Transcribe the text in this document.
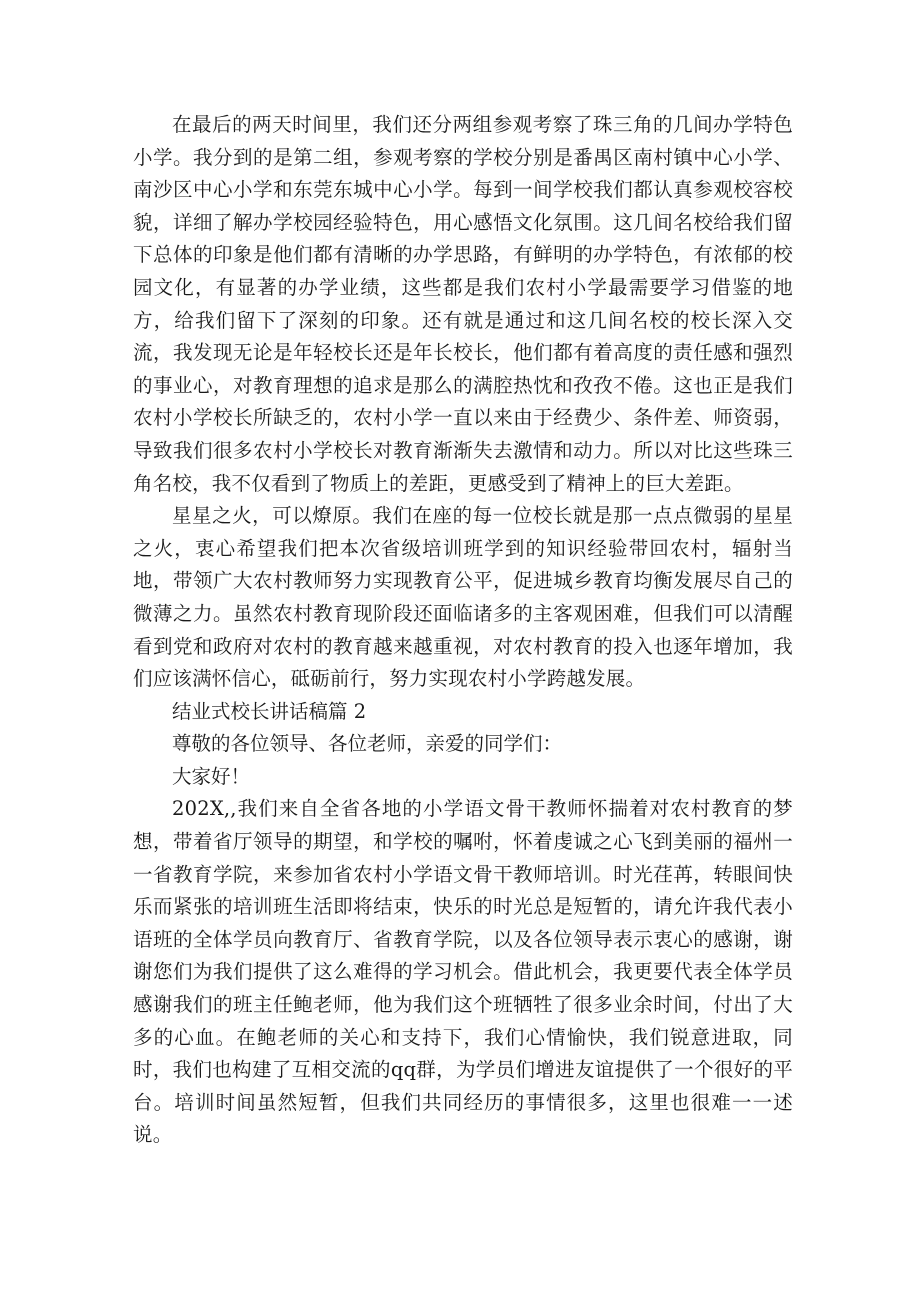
在最后的两天时间里，我们还分两组参观考察了珠三角的几间办学特色小学。我分到的是第二组，参观考察的学校分别是番禺区南村镇中心小学、南沙区中心小学和东莞东城中心小学。每到一间学校我们都认真参观校容校貌，详细了解办学校园经验特色，用心感悟文化氛围。这几间名校给我们留下总体的印象是他们都有清晰的办学思路，有鲜明的办学特色，有浓郁的校园文化，有显著的办学业绩，这些都是我们农村小学最需要学习借鉴的地方，给我们留下了深刻的印象。还有就是通过和这几间名校的校长深入交流，我发现无论是年轻校长还是年长校长，他们都有着高度的责任感和强烈的事业心，对教育理想的追求是那么的满腔热忱和孜孜不倦。这也正是我们农村小学校长所缺乏的，农村小学一直以来由于经费少、条件差、师资弱，导致我们很多农村小学校长对教育渐渐失去激情和动力。所以对比这些珠三角名校，我不仅看到了物质上的差距，更感受到了精神上的巨大差距。

星星之火，可以燎原。我们在座的每一位校长就是那一点点微弱的星星之火，衷心希望我们把本次省级培训班学到的知识经验带回农村，辐射当地，带领广大农村教师努力实现教育公平，促进城乡教育均衡发展尽自己的微薄之力。虽然农村教育现阶段还面临诸多的主客观困难，但我们可以清醒看到党和政府对农村的教育越来越重视，对农村教育的投入也逐年增加，我们应该满怀信心，砥砺前行，努力实现农村小学跨越发展。

结业式校长讲话稿篇 2

尊敬的各位领导、各位老师，亲爱的同学们：

大家好！

202X,,我们来自全省各地的小学语文骨干教师怀揣着对农村教育的梦想，带着省厅领导的期望，和学校的嘱咐，怀着虔诚之心飞到美丽的福州一一省教育学院，来参加省农村小学语文骨干教师培训。时光荏苒，转眼间快乐而紧张的培训班生活即将结束，快乐的时光总是短暂的，请允许我代表小语班的全体学员向教育厅、省教育学院，以及各位领导表示衷心的感谢，谢谢您们为我们提供了这么难得的学习机会。借此机会，我更要代表全体学员感谢我们的班主任鲍老师，他为我们这个班牺牲了很多业余时间，付出了大多的心血。在鲍老师的关心和支持下，我们心情愉快，我们锐意进取，同时，我们也构建了互相交流的qq群，为学员们增进友谊提供了一个很好的平台。培训时间虽然短暂，但我们共同经历的事情很多，这里也很难一一述说。
